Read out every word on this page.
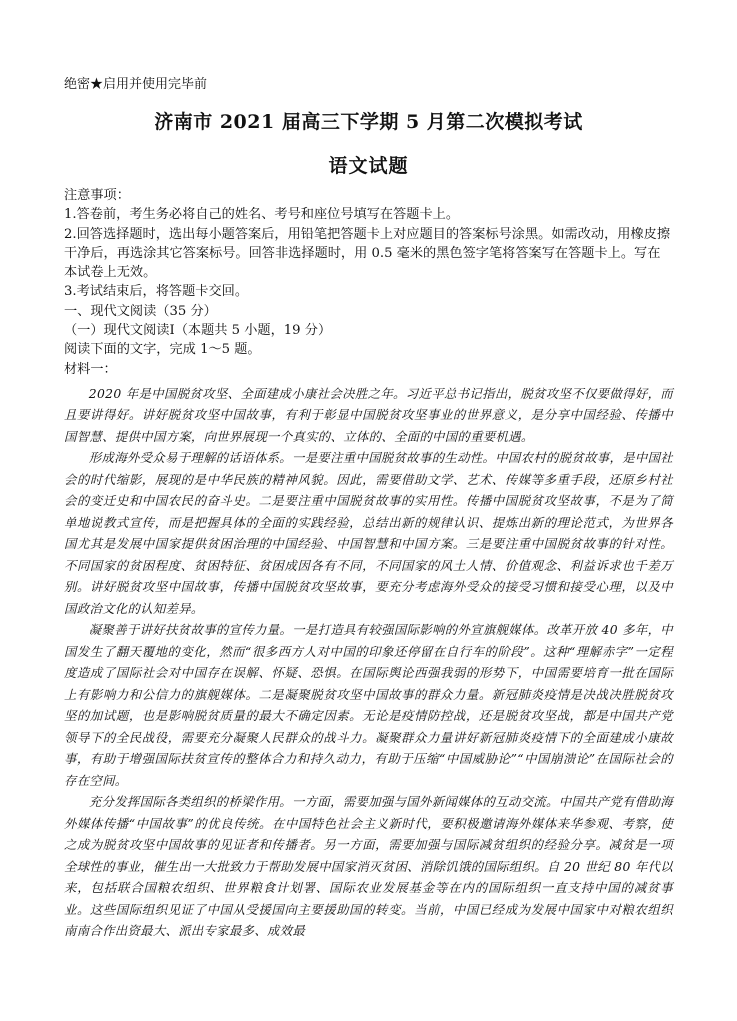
绝密★启用并使用完毕前

济南市 2021 届高三下学期 5 月第二次模拟考试
语文试题

注意事项：

1.答卷前，考生务必将自己的姓名、考号和座位号填写在答题卡上。

2.回答选择题时，选出每小题答案后，用铅笔把答题卡上对应题目的答案标号涂黑。如需改动，用橡皮擦干净后，再选涂其它答案标号。回答非选择题时，用 0.5 毫米的黑色签字笔将答案写在答题卡上。写在本试卷上无效。

3.考试结束后，将答题卡交回。

一、现代文阅读（35 分）

（一）现代文阅读Ⅰ（本题共 5 小题，19 分）

阅读下面的文字，完成 1～5 题。

材料一：

2020 年是中国脱贫攻坚、全面建成小康社会决胜之年。习近平总书记指出，脱贫攻坚不仅要做得好，而且要讲得好。讲好脱贫攻坚中国故事，有利于彰显中国脱贫攻坚事业的世界意义，是分享中国经验、传播中国智慧、提供中国方案，向世界展现一个真实的、立体的、全面的中国的重要机遇。

形成海外受众易于理解的话语体系。一是要注重中国脱贫故事的生动性。中国农村的脱贫故事，是中国社会的时代缩影，展现的是中华民族的精神风貌。因此，需要借助文学、艺术、传媒等多重手段，还原乡村社会的变迁史和中国农民的奋斗史。二是要注重中国脱贫故事的实用性。传播中国脱贫攻坚故事，不是为了简单地说教式宣传，而是把握具体的全面的实践经验，总结出新的规律认识、提炼出新的理论范式，为世界各国尤其是发展中国家提供贫困治理的中国经验、中国智慧和中国方案。三是要注重中国脱贫故事的针对性。不同国家的贫困程度、贫困特征、贫困成因各有不同，不同国家的风土人情、价值观念、利益诉求也千差万别。讲好脱贫攻坚中国故事，传播中国脱贫攻坚故事，要充分考虑海外受众的接受习惯和接受心理，以及中国政治文化的认知差异。

凝聚善于讲好扶贫故事的宣传力量。一是打造具有较强国际影响的外宣旗舰媒体。改革开放 40 多年，中国发生了翻天覆地的变化，然而“很多西方人对中国的印象还停留在自行车的阶段”。这种“理解赤字”一定程度造成了国际社会对中国存在误解、怀疑、恐惧。在国际舆论西强我弱的形势下，中国需要培育一批在国际上有影响力和公信力的旗舰媒体。二是凝聚脱贫攻坚中国故事的群众力量。新冠肺炎疫情是决战决胜脱贫攻坚的加试题，也是影响脱贫质量的最大不确定因素。无论是疫情防控战，还是脱贫攻坚战，都是中国共产党领导下的全民战役，需要充分凝聚人民群众的战斗力。凝聚群众力量讲好新冠肺炎疫情下的全面建成小康故事，有助于增强国际扶贫宣传的整体合力和持久动力，有助于压缩“中国威胁论”“中国崩溃论”在国际社会的存在空间。

充分发挥国际各类组织的桥梁作用。一方面，需要加强与国外新闻媒体的互动交流。中国共产党有借助海外媒体传播“中国故事”的优良传统。在中国特色社会主义新时代，要积极邀请海外媒体来华参观、考察，使之成为脱贫攻坚中国故事的见证者和传播者。另一方面，需要加强与国际减贫组织的经验分享。减贫是一项全球性的事业，催生出一大批致力于帮助发展中国家消灭贫困、消除饥饿的国际组织。自 20 世纪 80 年代以来，包括联合国粮农组织、世界粮食计划署、国际农业发展基金等在内的国际组织一直支持中国的减贫事业。这些国际组织见证了中国从受援国向主要援助国的转变。当前，中国已经成为发展中国家中对粮农组织南南合作出资最大、派出专家最多、成效最
